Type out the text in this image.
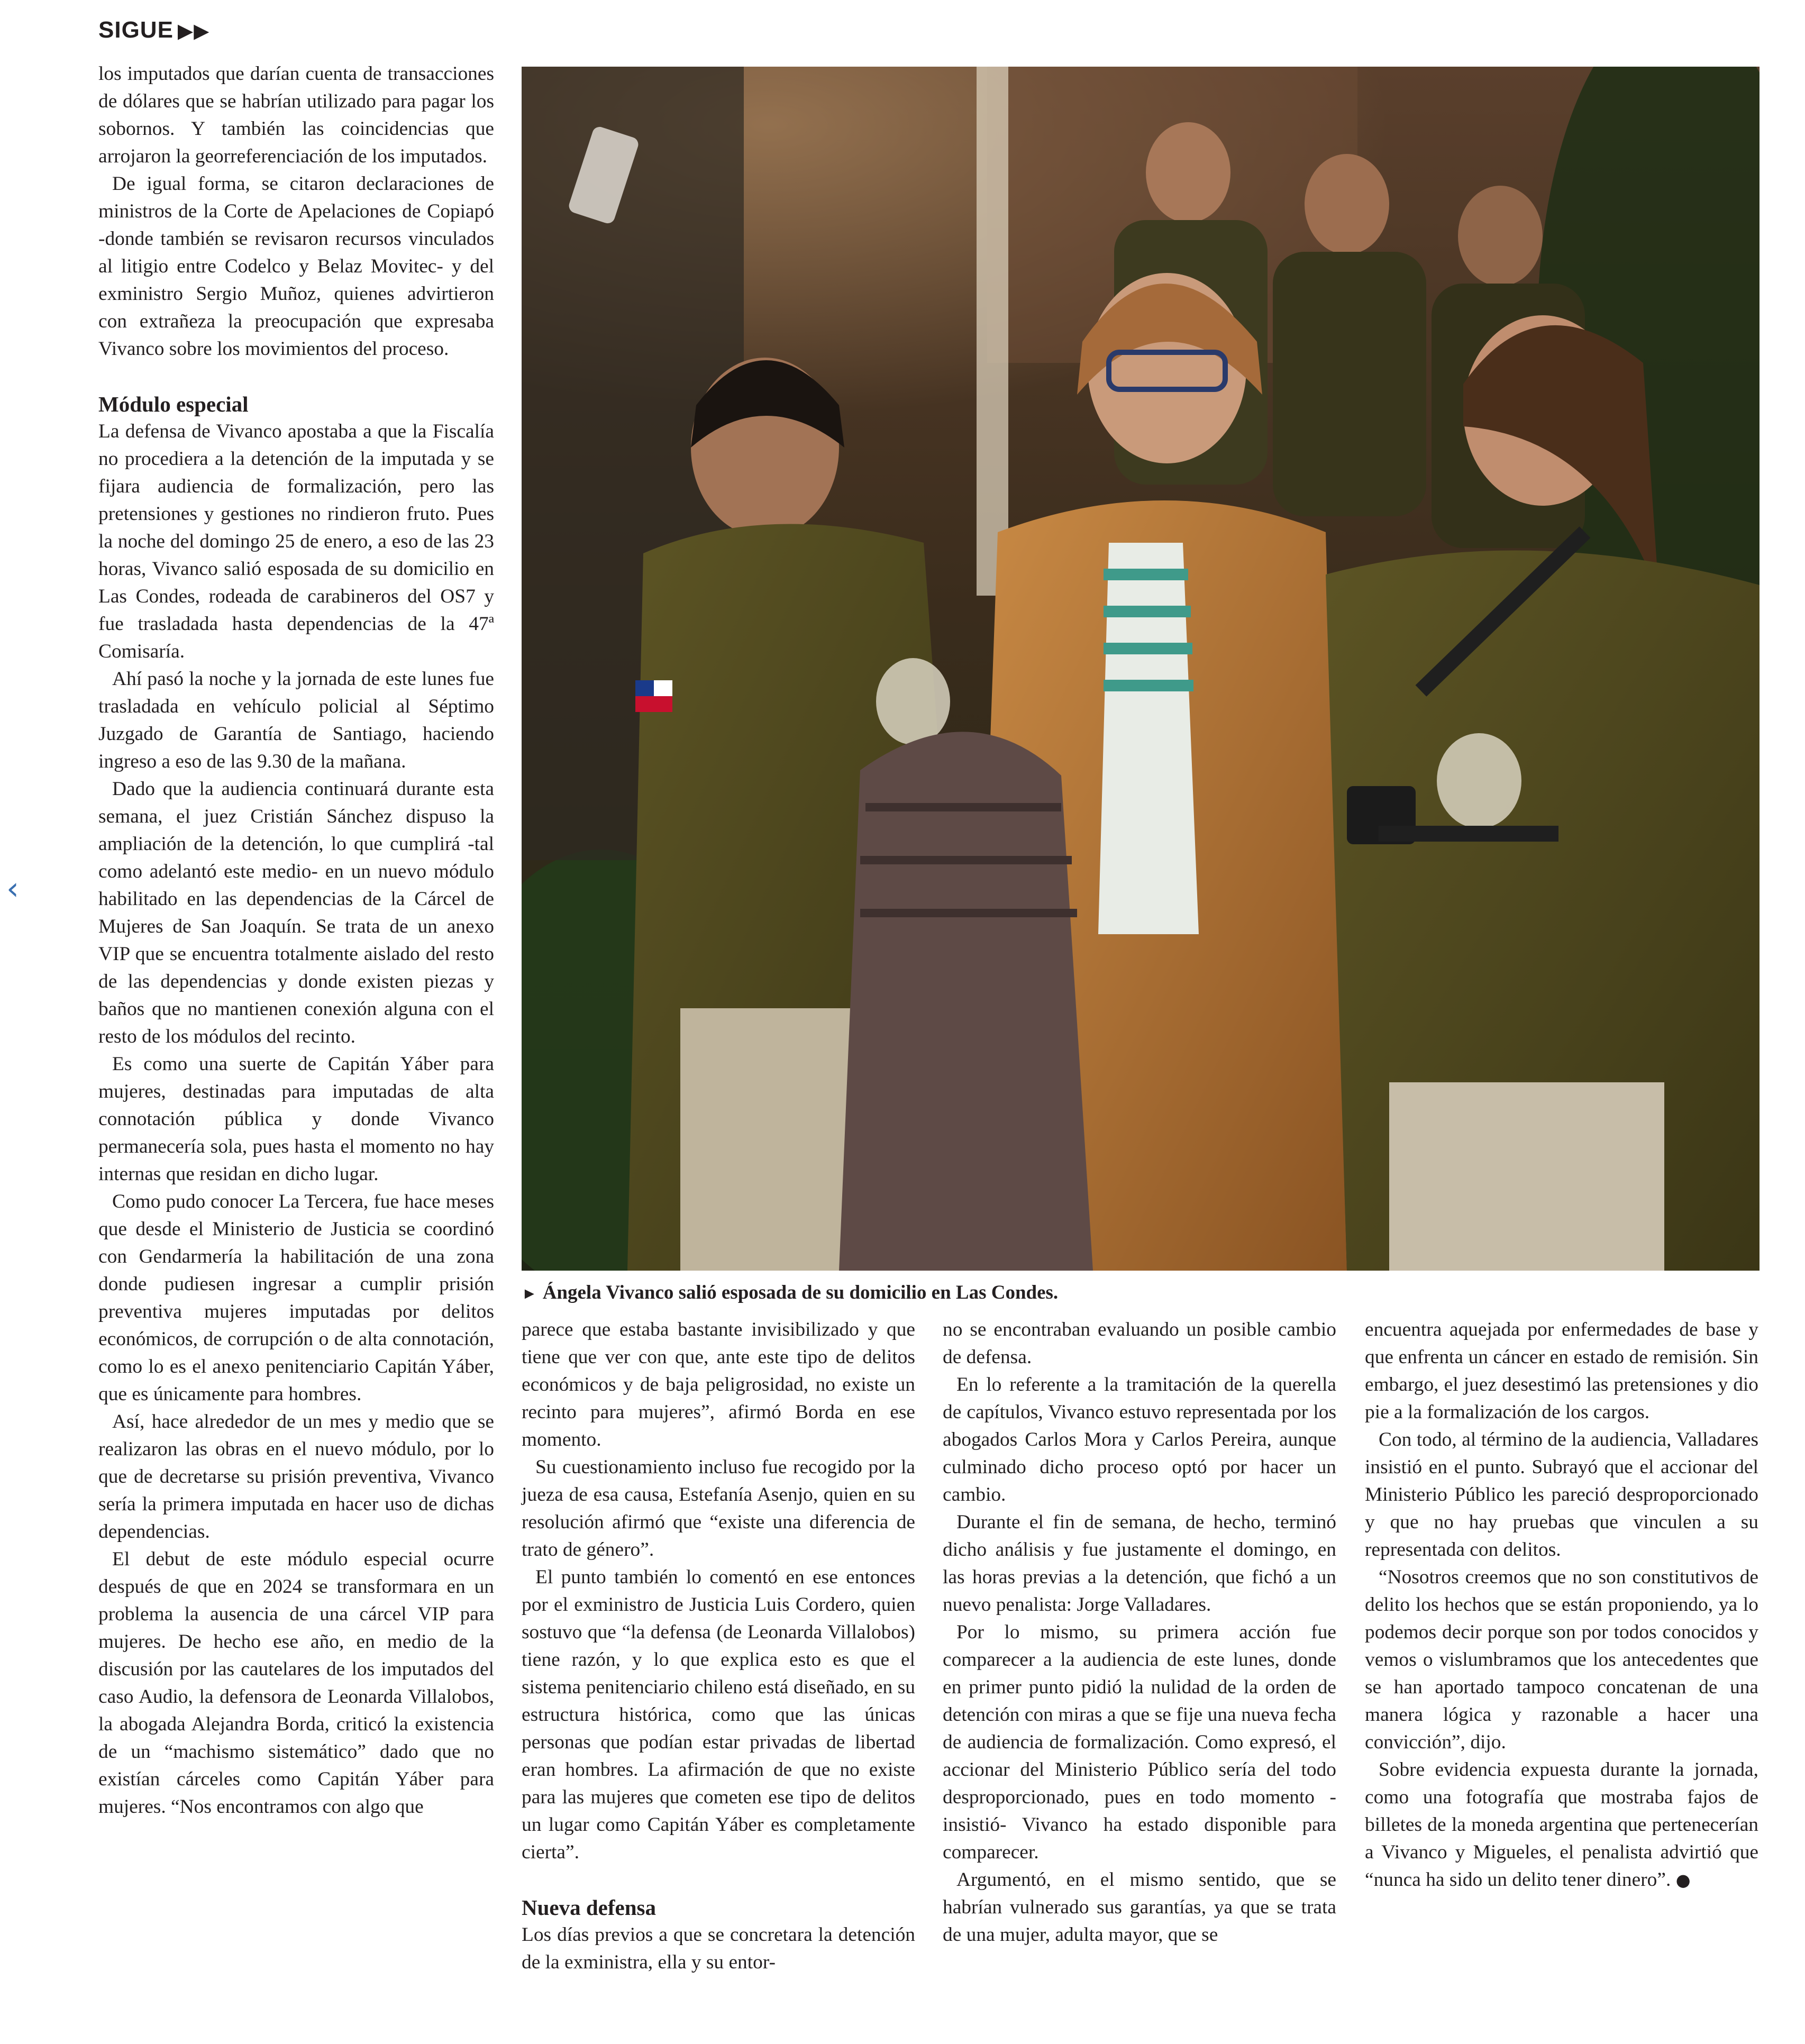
SIGUE ▶▶
‹

los imputados que darían cuenta de transacciones de dólares que se habrían utilizado para pagar los sobornos. Y también las coincidencias que arrojaron la georreferenciación de los imputados.

De igual forma, se citaron declaraciones de ministros de la Corte de Apelaciones de Copiapó -donde también se revisaron recursos vinculados al litigio entre Codelco y Belaz Movitec- y del exministro Sergio Muñoz, quienes advirtieron con extrañeza la preocupación que expresaba Vivanco sobre los movimientos del proceso.

Módulo especial

La defensa de Vivanco apostaba a que la Fiscalía no procediera a la detención de la imputada y se fijara audiencia de formalización, pero las pretensiones y gestiones no rindieron fruto. Pues la noche del domingo 25 de enero, a eso de las 23 horas, Vivanco salió esposada de su domicilio en Las Condes, rodeada de carabineros del OS7 y fue trasladada hasta dependencias de la 47ª Comisaría.

Ahí pasó la noche y la jornada de este lunes fue trasladada en vehículo policial al Séptimo Juzgado de Garantía de Santiago, haciendo ingreso a eso de las 9.30 de la mañana.

Dado que la audiencia continuará durante esta semana, el juez Cristián Sánchez dispuso la ampliación de la detención, lo que cumplirá -tal como adelantó este medio- en un nuevo módulo habilitado en las dependencias de la Cárcel de Mujeres de San Joaquín. Se trata de un anexo VIP que se encuentra totalmente aislado del resto de las dependencias y donde existen piezas y baños que no mantienen conexión alguna con el resto de los módulos del recinto.

Es como una suerte de Capitán Yáber para mujeres, destinadas para imputadas de alta connotación pública y donde Vivanco permanecería sola, pues hasta el momento no hay internas que residan en dicho lugar.

Como pudo conocer La Tercera, fue hace meses que desde el Ministerio de Justicia se coordinó con Gendarmería la habilitación de una zona donde pudiesen ingresar a cumplir prisión preventiva mujeres imputadas por delitos económicos, de corrupción o de alta connotación, como lo es el anexo penitenciario Capitán Yáber, que es únicamente para hombres.

Así, hace alrededor de un mes y medio que se realizaron las obras en el nuevo módulo, por lo que de decretarse su prisión preventiva, Vivanco sería la primera imputada en hacer uso de dichas dependencias.

El debut de este módulo especial ocurre después de que en 2024 se transformara en un problema la ausencia de una cárcel VIP para mujeres. De hecho ese año, en medio de la discusión por las cautelares de los imputados del caso Audio, la defensora de Leonarda Villalobos, la abogada Alejandra Borda, criticó la existencia de un “machismo sistemático” dado que no existían cárceles como Capitán Yáber para mujeres. “Nos encontramos con algo que

► Ángela Vivanco salió esposada de su domicilio en Las Condes.

parece que estaba bastante invisibilizado y que tiene que ver con que, ante este tipo de delitos económicos y de baja peligrosidad, no existe un recinto para mujeres”, afirmó Borda en ese momento.

Su cuestionamiento incluso fue recogido por la jueza de esa causa, Estefanía Asenjo, quien en su resolución afirmó que “existe una diferencia de trato de género”.

El punto también lo comentó en ese entonces por el exministro de Justicia Luis Cordero, quien sostuvo que “la defensa (de Leonarda Villalobos) tiene razón, y lo que explica esto es que el sistema penitenciario chileno está diseñado, en su estructura histórica, como que las únicas personas que podían estar privadas de libertad eran hombres. La afirmación de que no existe para las mujeres que cometen ese tipo de delitos un lugar como Capitán Yáber es completamente cierta”.

Nueva defensa

Los días previos a que se concretara la detención de la exministra, ella y su entor-

no se encontraban evaluando un posible cambio de defensa.

En lo referente a la tramitación de la querella de capítulos, Vivanco estuvo representada por los abogados Carlos Mora y Carlos Pereira, aunque culminado dicho proceso optó por hacer un cambio.

Durante el fin de semana, de hecho, terminó dicho análisis y fue justamente el domingo, en las horas previas a la detención, que fichó a un nuevo penalista: Jorge Valladares.

Por lo mismo, su primera acción fue comparecer a la audiencia de este lunes, donde en primer punto pidió la nulidad de la orden de detención con miras a que se fije una nueva fecha de audiencia de formalización. Como expresó, el accionar del Ministerio Público sería del todo desproporcionado, pues en todo momento -insistió- Vivanco ha estado disponible para comparecer.

Argumentó, en el mismo sentido, que se habrían vulnerado sus garantías, ya que se trata de una mujer, adulta mayor, que se

encuentra aquejada por enfermedades de base y que enfrenta un cáncer en estado de remisión. Sin embargo, el juez desestimó las pretensiones y dio pie a la formalización de los cargos.

Con todo, al término de la audiencia, Valladares insistió en el punto. Subrayó que el accionar del Ministerio Público les pareció desproporcionado y que no hay pruebas que vinculen a su representada con delitos.

“Nosotros creemos que no son constitutivos de delito los hechos que se están proponiendo, ya lo podemos decir porque son por todos conocidos y vemos o vislumbramos que los antecedentes que se han aportado tampoco concatenan de una manera lógica y razonable a hacer una convicción”, dijo.

Sobre evidencia expuesta durante la jornada, como una fotografía que mostraba fajos de billetes de la moneda argentina que pertenecerían a Vivanco y Migueles, el penalista advirtió que “nunca ha sido un delito tener dinero”. ●
